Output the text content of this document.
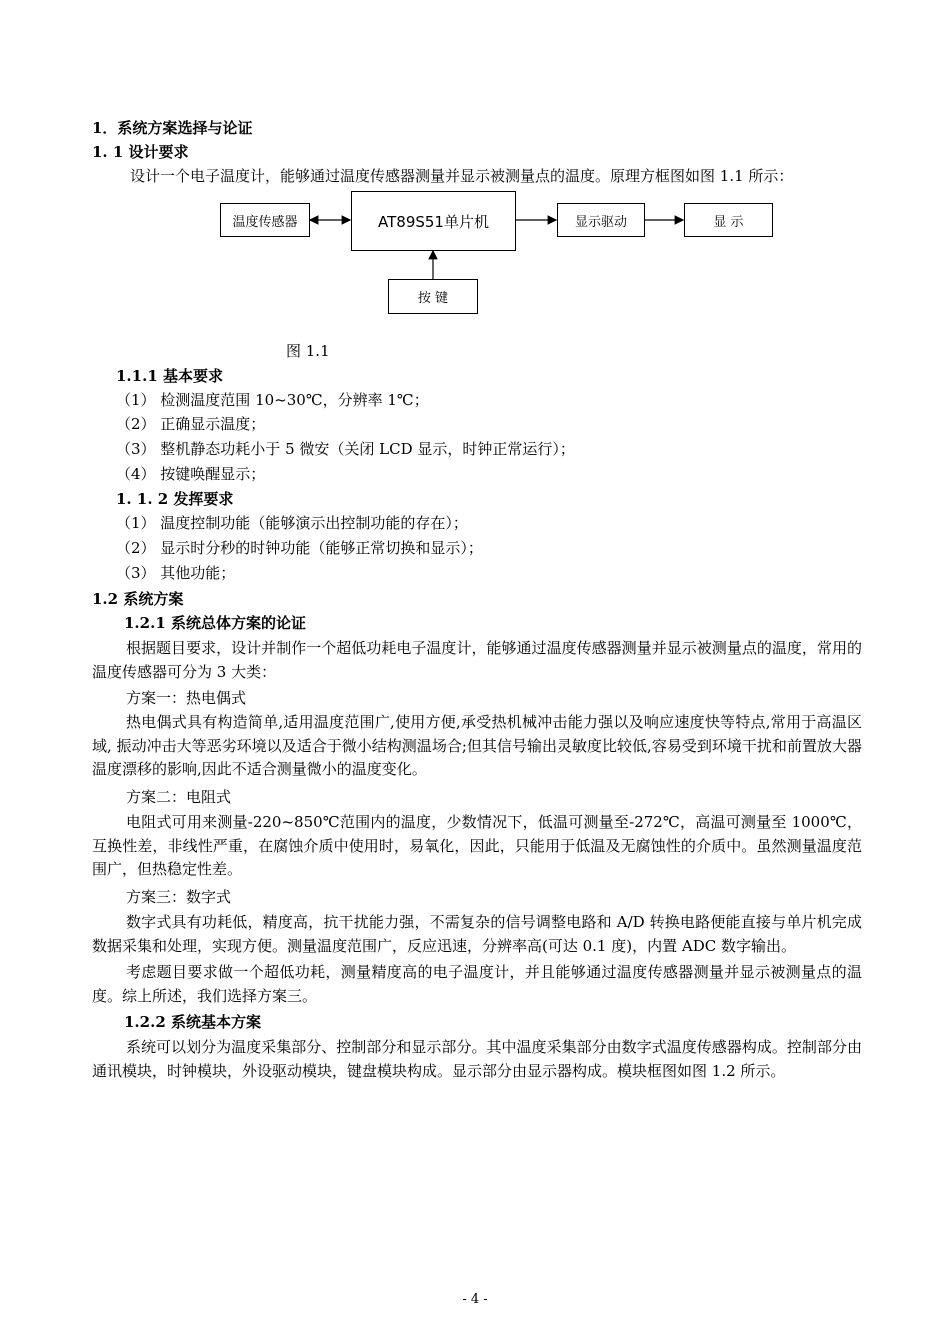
1．系统方案选择与论证
1. 1 设计要求
设计一个电子温度计，能够通过温度传感器测量并显示被测量点的温度。原理方框图如图 1.1 所示：
温度传感器	AT89S51单片机	显示驱动	显 示
按 键
图 1.1
1.1.1 基本要求
（1） 检测温度范围 10~30℃，分辨率 1℃；
（2） 正确显示温度；
（3） 整机静态功耗小于 5 微安（关闭 LCD 显示，时钟正常运行）；
（4） 按键唤醒显示；
1. 1. 2 发挥要求
（1） 温度控制功能（能够演示出控制功能的存在）；
（2） 显示时分秒的时钟功能（能够正常切换和显示）；
（3） 其他功能；
1.2 系统方案
1.2.1 系统总体方案的论证
根据题目要求，设计并制作一个超低功耗电子温度计，能够通过温度传感器测量并显示被测量点的温度，常用的温度传感器可分为 3 大类：
方案一：热电偶式
热电偶式具有构造简单,适用温度范围广,使用方便,承受热机械冲击能力强以及响应速度快等特点,常用于高温区域, 振动冲击大等恶劣环境以及适合于微小结构测温场合;但其信号输出灵敏度比较低,容易受到环境干扰和前置放大器温度漂移的影响,因此不适合测量微小的温度变化。
方案二：电阻式
电阻式可用来测量-220~850℃范围内的温度，少数情况下，低温可测量至-272℃，高温可测量至 1000℃，互换性差，非线性严重，在腐蚀介质中使用时，易氧化，因此，只能用于低温及无腐蚀性的介质中。虽然测量温度范围广，但热稳定性差。
方案三：数字式
数字式具有功耗低，精度高，抗干扰能力强，不需复杂的信号调整电路和 A/D 转换电路便能直接与单片机完成数据采集和处理，实现方便。测量温度范围广，反应迅速，分辨率高(可达 0.1 度)，内置 ADC 数字输出。
考虑题目要求做一个超低功耗，测量精度高的电子温度计，并且能够通过温度传感器测量并显示被测量点的温度。综上所述，我们选择方案三。
1.2.2 系统基本方案
系统可以划分为温度采集部分、控制部分和显示部分。其中温度采集部分由数字式温度传感器构成。控制部分由通讯模块，时钟模块，外设驱动模块，键盘模块构成。显示部分由显示器构成。模块框图如图 1.2 所示。
- 4 -
